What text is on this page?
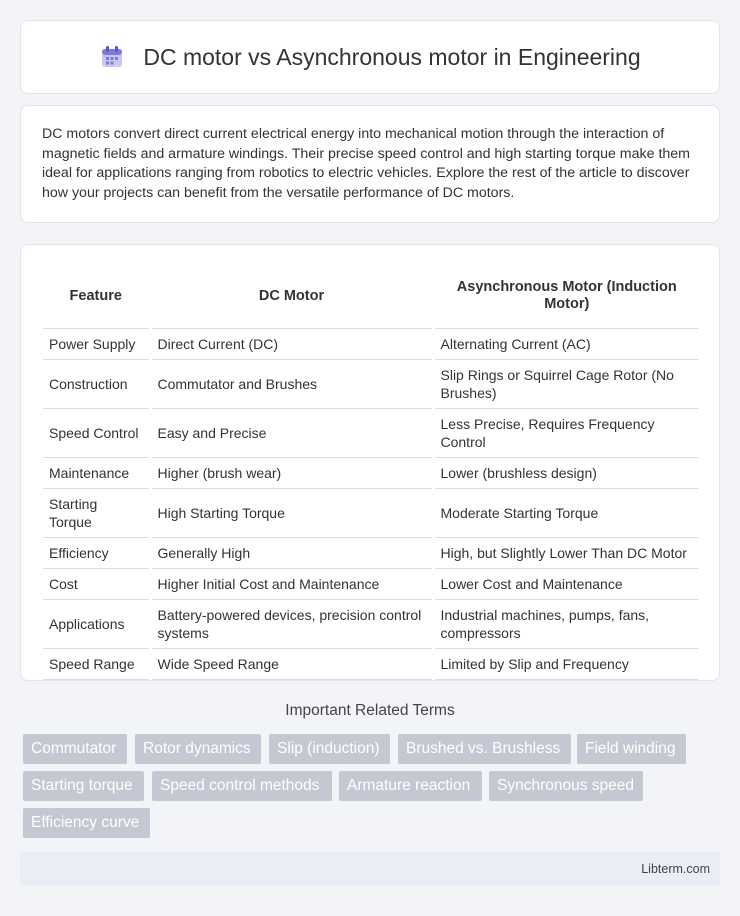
DC motor vs Asynchronous motor in Engineering

DC motors convert direct current electrical energy into mechanical motion through the interaction of magnetic fields and armature windings. Their precise speed control and high starting torque make them ideal for applications ranging from robotics to electric vehicles. Explore the rest of the article to discover how your projects can benefit from the versatile performance of DC motors.

Feature	DC Motor	Asynchronous Motor (Induction Motor)
Power Supply	Direct Current (DC)	Alternating Current (AC)
Construction	Commutator and Brushes	Slip Rings or Squirrel Cage Rotor (No Brushes)
Speed Control	Easy and Precise	Less Precise, Requires Frequency Control
Maintenance	Higher (brush wear)	Lower (brushless design)
Starting Torque	High Starting Torque	Moderate Starting Torque
Efficiency	Generally High	High, but Slightly Lower Than DC Motor
Cost	Higher Initial Cost and Maintenance	Lower Cost and Maintenance
Applications	Battery-powered devices, precision control systems	Industrial machines, pumps, fans, compressors
Speed Range	Wide Speed Range	Limited by Slip and Frequency
Important Related Terms
Commutator	Rotor dynamics	Slip (induction)	Brushed vs. Brushless	Field winding
Starting torque	Speed control methods	Armature reaction	Synchronous speed
Efficiency curve
Libterm.com
